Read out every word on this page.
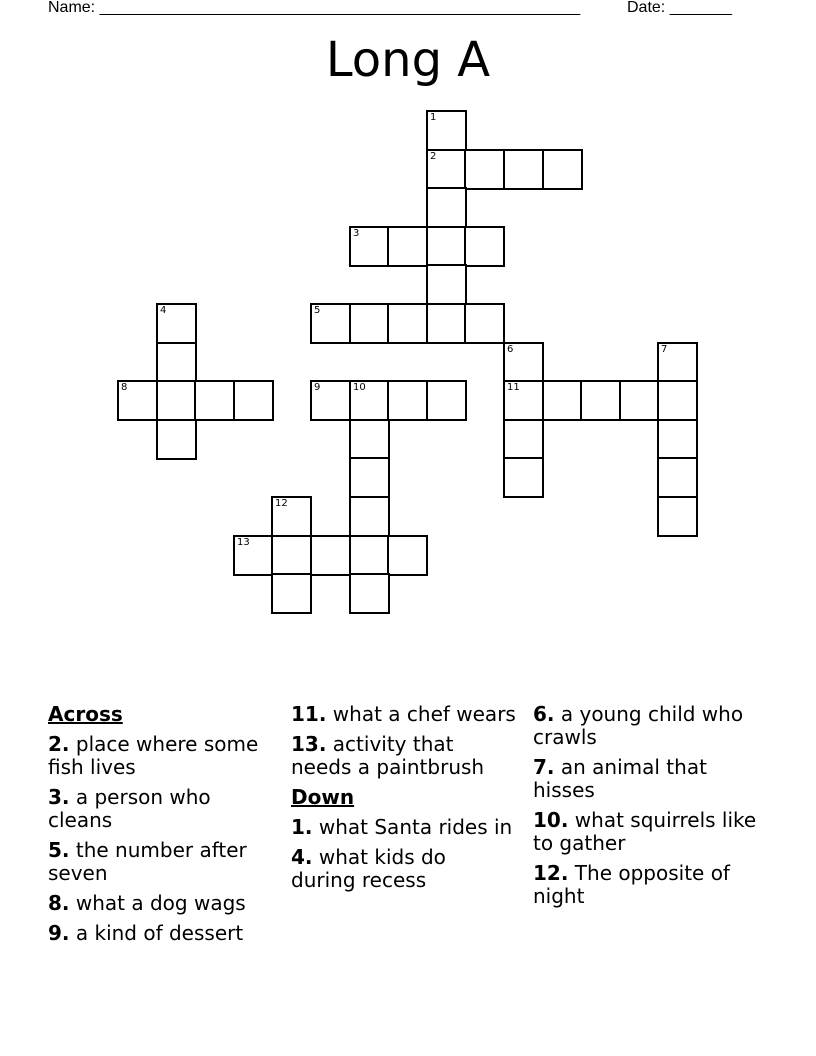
Name: ______________________________________________________	Date: _______
Long A
1
2
3
4	5
6	7
8	9	10	11
12
13
Across
2. place where some fish lives
3. a person who cleans
5. the number after seven
8. what a dog wags
9. a kind of dessert
11. what a chef wears
13. activity that needs a paintbrush
Down
1. what Santa rides in
4. what kids do during recess
6. a young child who crawls
7. an animal that hisses
10. what squirrels like to gather
12. The opposite of night
